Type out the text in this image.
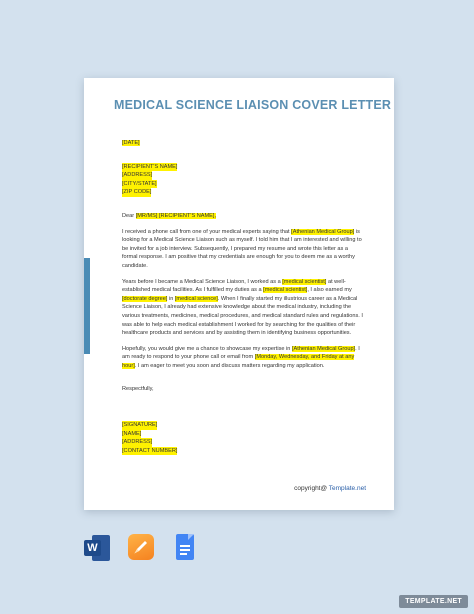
MEDICAL SCIENCE LIAISON COVER LETTER

[DATE]

[RECIPIENT'S NAME]
[ADDRESS]
[CITY/STATE]
[ZIP CODE]

Dear [MR/MS] [RECIPIENT'S NAME],

I received a phone call from one of your medical experts saying that [Athenian Medical Group] is looking for a Medical Science Liaison such as myself. I told him that I am interested and willing to be invited for a job interview. Subsequently, I prepared my resume and wrote this letter as a formal response. I am positive that my credentials are enough for you to deem me as a worthy candidate.

Years before I became a Medical Science Liaison, I worked as a [medical scientist] at well-established medical facilities. As I fulfilled my duties as a [medical scientist], I also earned my [doctorate degree] in [medical science]. When I finally started my illustrious career as a Medical Science Liaison, I already had extensive knowledge about the medical industry, including the various treatments, medicines, medical procedures, and medical standard rules and regulations. I was able to help each medical establishment I worked for by searching for the qualities of their healthcare products and services and by assisting them in identifying business opportunities.

Hopefully, you would give me a chance to showcase my expertise in [Athenian Medical Group]. I am ready to respond to your phone call or email from [Monday, Wednesday, and Friday at any hour]. I am eager to meet you soon and discuss matters regarding my application.

Respectfully,

[SIGNATURE]
[NAME]
[ADDRESS]
[CONTACT NUMBER]

copyright@ Template.net
W
TEMPLATE.NET
